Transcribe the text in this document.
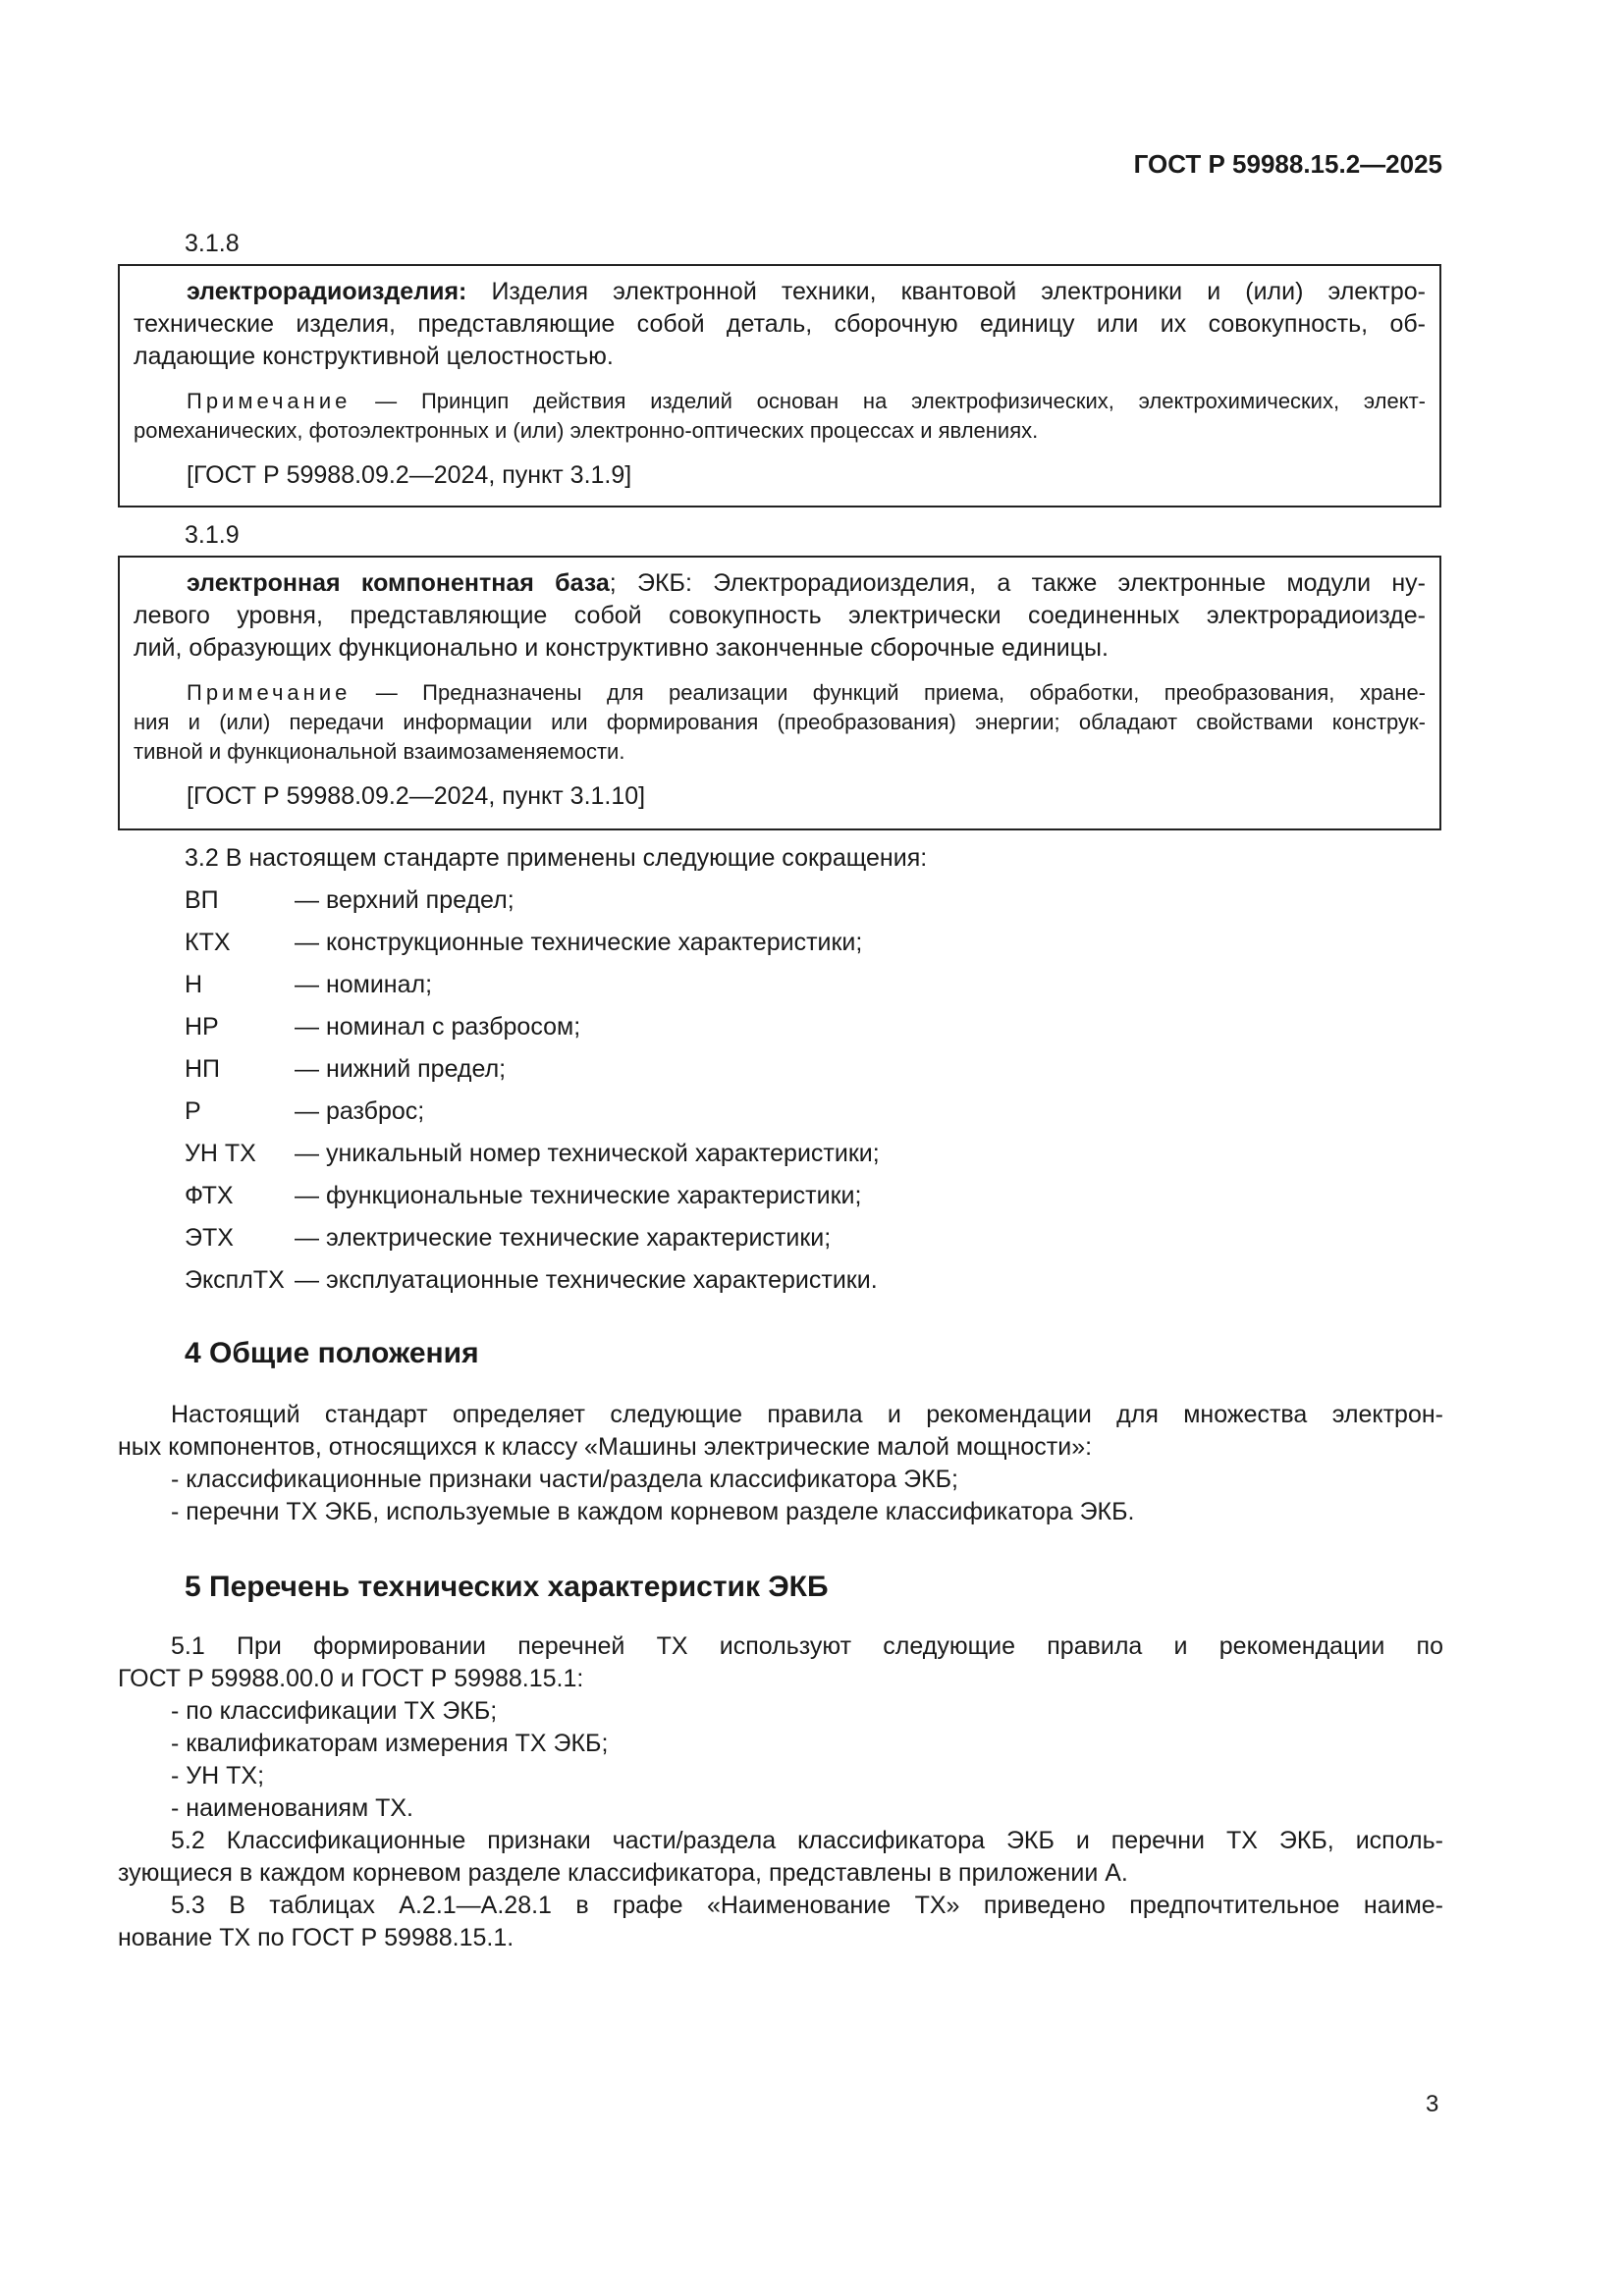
ГОСТ Р 59988.15.2—2025
3.1.8
электрорадиоизделия: Изделия электронной техники, квантовой электроники и (или) электро-
технические изделия, представляющие собой деталь, сборочную единицу или их совокупность, об-
ладающие конструктивной целостностью.
Примечание — Принцип действия изделий основан на электрофизических, электрохимических, элект-
ромеханических, фотоэлектронных и (или) электронно-оптических процессах и явлениях.
[ГОСТ Р 59988.09.2—2024, пункт 3.1.9]
3.1.9
электронная компонентная база; ЭКБ: Электрорадиоизделия, а также электронные модули ну-
левого уровня, представляющие собой совокупность электрически соединенных электрорадиоизде-
лий, образующих функционально и конструктивно законченные сборочные единицы.
Примечание — Предназначены для реализации функций приема, обработки, преобразования, хране-
ния и (или) передачи информации или формирования (преобразования) энергии; обладают свойствами конструк-
тивной и функциональной взаимозаменяемости.
[ГОСТ Р 59988.09.2—2024, пункт 3.1.10]
3.2 В настоящем стандарте применены следующие сокращения:
ВП	— верхний предел;
КТХ	— конструкционные технические характеристики;
Н	— номинал;
НР	— номинал с разбросом;
НП	— нижний предел;
Р	— разброс;
УН ТХ	— уникальный номер технической характеристики;
ФТХ	— функциональные технические характеристики;
ЭТХ	— электрические технические характеристики;
ЭксплТХ — эксплуатационные технические характеристики.
4 Общие положения
Настоящий стандарт определяет следующие правила и рекомендации для множества электрон-
ных компонентов, относящихся к классу «Машины электрические малой мощности»:
- классификационные признаки части/раздела классификатора ЭКБ;
- перечни ТХ ЭКБ, используемые в каждом корневом разделе классификатора ЭКБ.
5 Перечень технических характеристик ЭКБ
5.1 При формировании перечней ТХ используют следующие правила и рекомендации по
ГОСТ Р 59988.00.0 и ГОСТ Р 59988.15.1:
- по классификации ТХ ЭКБ;
- квалификаторам измерения ТХ ЭКБ;
- УН ТХ;
- наименованиям ТХ.
5.2 Классификационные признаки части/раздела классификатора ЭКБ и перечни ТХ ЭКБ, исполь-
зующиеся в каждом корневом разделе классификатора, представлены в приложении А.
5.3 В таблицах А.2.1—А.28.1 в графе «Наименование ТХ» приведено предпочтительное наиме-
нование ТХ по ГОСТ Р 59988.15.1.
3
